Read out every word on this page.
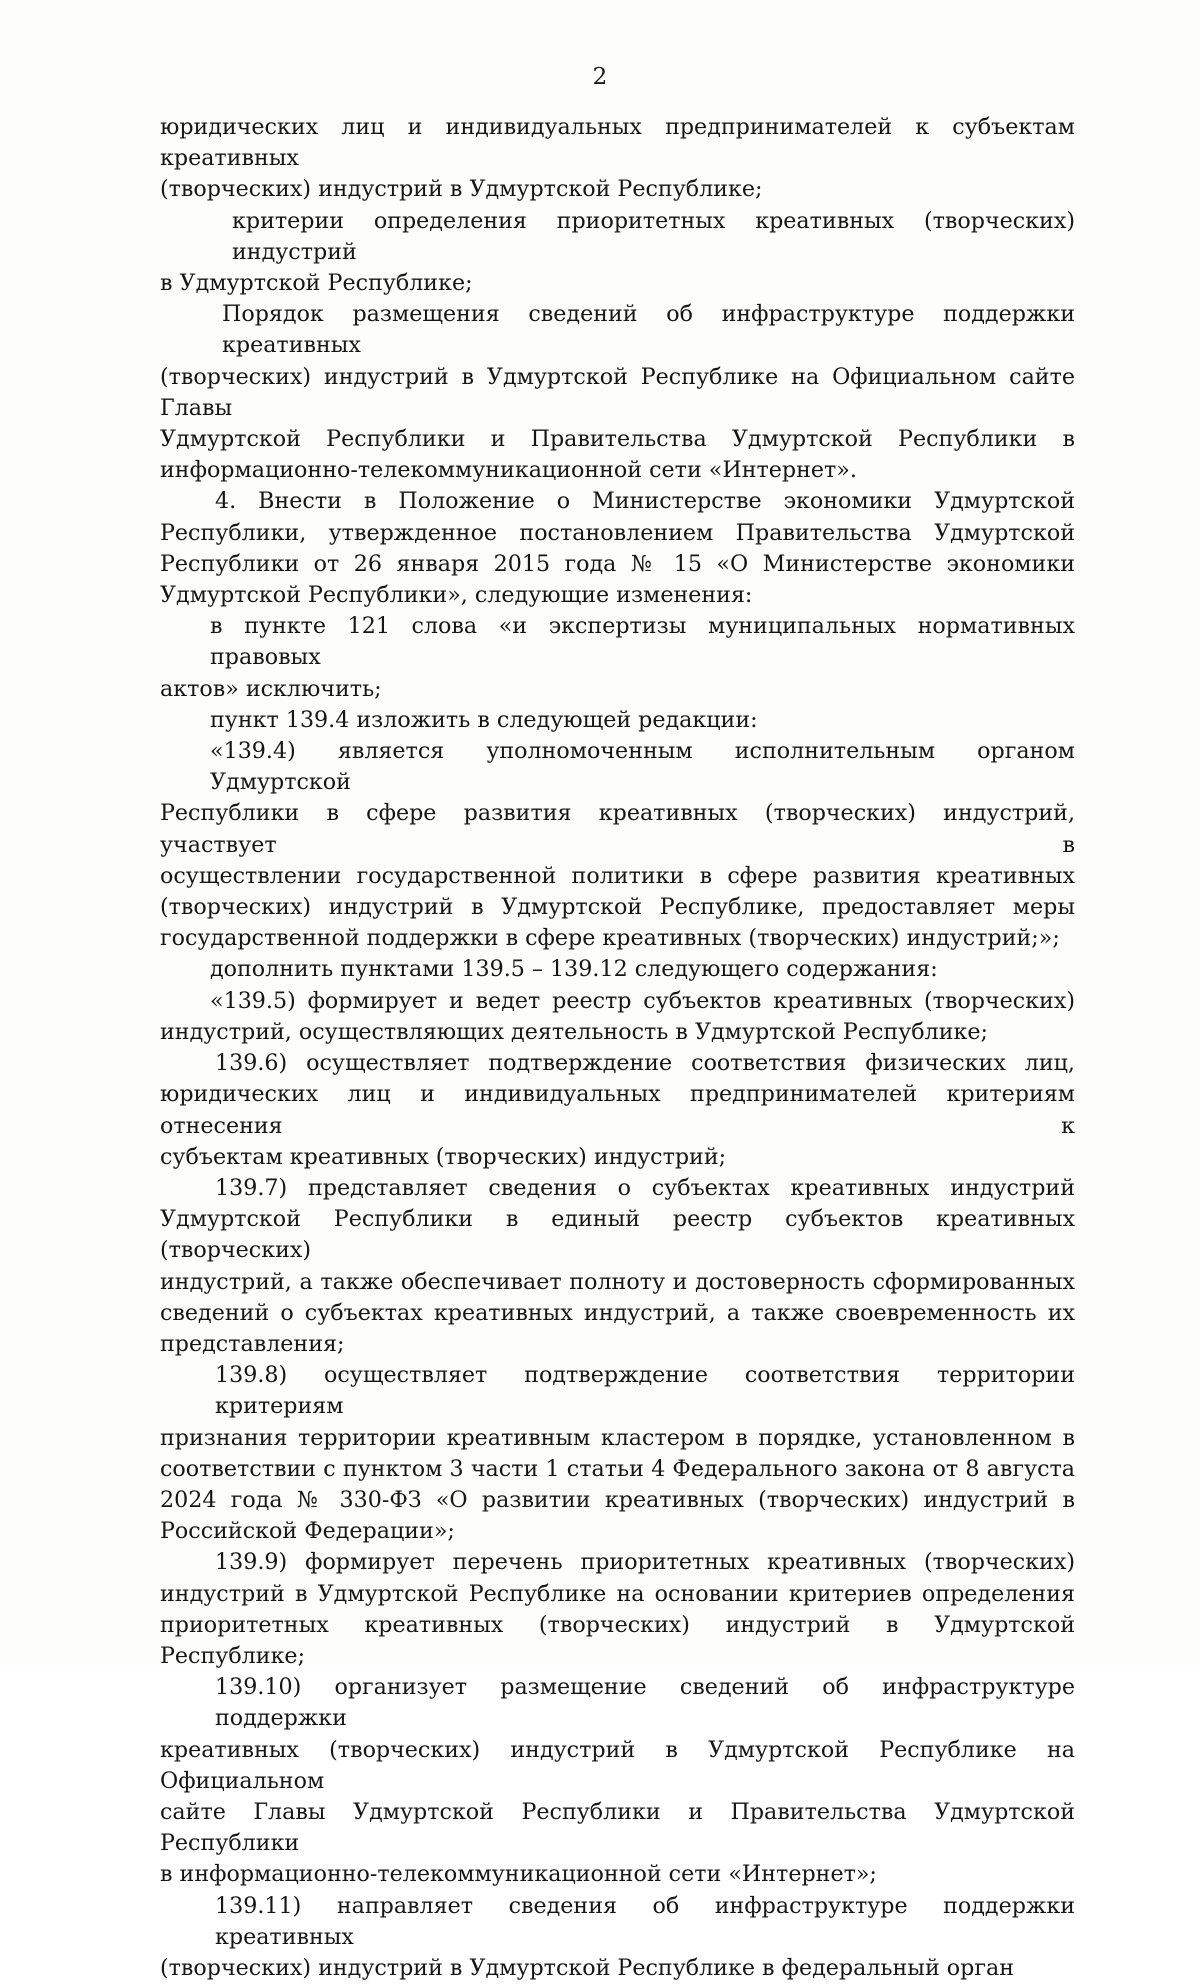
2
юридических лиц и индивидуальных предпринимателей к субъектам креативных
(творческих) индустрий в Удмуртской Республике;
критерии определения приоритетных креативных (творческих) индустрий
в Удмуртской Республике;
Порядок размещения сведений об инфраструктуре поддержки креативных
(творческих) индустрий в Удмуртской Республике на Официальном сайте Главы
Удмуртской Республики и Правительства Удмуртской Республики в
информационно-телекоммуникационной сети «Интернет».
4. Внести в Положение о Министерстве экономики Удмуртской
Республики, утвержденное постановлением Правительства Удмуртской
Республики от 26 января 2015 года № 15 «О Министерстве экономики
Удмуртской Республики», следующие изменения:
в пункте 121 слова «и экспертизы муниципальных нормативных правовых
актов» исключить;
пункт 139.4 изложить в следующей редакции:
«139.4) является уполномоченным исполнительным органом Удмуртской
Республики в сфере развития креативных (творческих) индустрий, участвует в
осуществлении государственной политики в сфере развития креативных
(творческих) индустрий в Удмуртской Республике, предоставляет меры
государственной поддержки в сфере креативных (творческих) индустрий;»;
дополнить пунктами 139.5 – 139.12 следующего содержания:
«139.5) формирует и ведет реестр субъектов креативных (творческих)
индустрий, осуществляющих деятельность в Удмуртской Республике;
139.6) осуществляет подтверждение соответствия физических лиц,
юридических лиц и индивидуальных предпринимателей критериям отнесения к
субъектам креативных (творческих) индустрий;
139.7) представляет сведения о субъектах креативных индустрий
Удмуртской Республики в единый реестр субъектов креативных (творческих)
индустрий, а также обеспечивает полноту и достоверность сформированных
сведений о субъектах креативных индустрий, а также своевременность их
представления;
139.8) осуществляет подтверждение соответствия территории критериям
признания территории креативным кластером в порядке, установленном в
соответствии с пунктом 3 части 1 статьи 4 Федерального закона от 8 августа
2024 года № 330-ФЗ «О развитии креативных (творческих) индустрий в
Российской Федерации»;
139.9) формирует перечень приоритетных креативных (творческих)
индустрий в Удмуртской Республике на основании критериев определения
приоритетных креативных (творческих) индустрий в Удмуртской Республике;
139.10) организует размещение сведений об инфраструктуре поддержки
креативных (творческих) индустрий в Удмуртской Республике на Официальном
сайте Главы Удмуртской Республики и Правительства Удмуртской Республики
в информационно-телекоммуникационной сети «Интернет»;
139.11) направляет сведения об инфраструктуре поддержки креативных
(творческих) индустрий в Удмуртской Республике в федеральный орган
